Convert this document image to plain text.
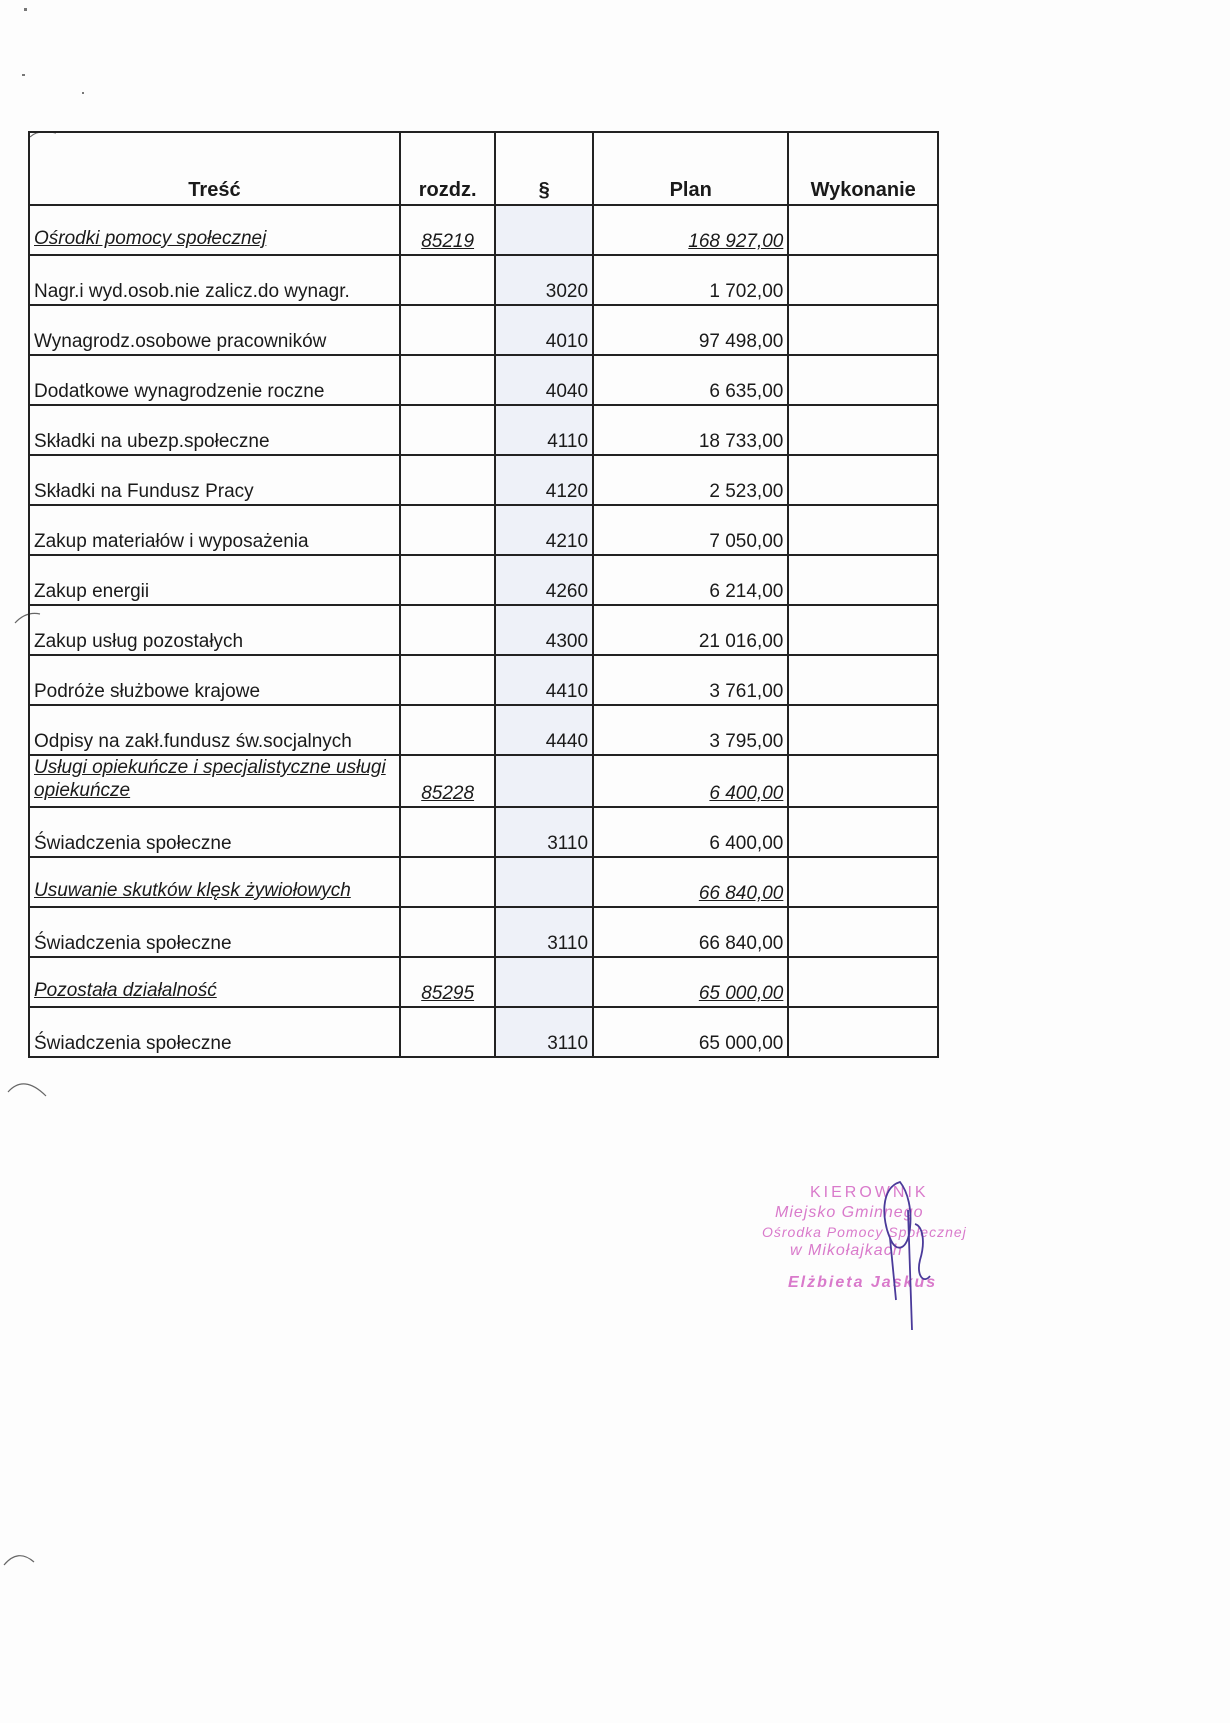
Treść	rozdz.	§	Plan	Wykonanie
Ośrodki pomocy społecznej	85219		168 927,00	
Nagr.i wyd.osob.nie zalicz.do wynagr.		3020	1 702,00	
Wynagrodz.osobowe pracowników		4010	97 498,00	
Dodatkowe wynagrodzenie roczne		4040	6 635,00	
Składki na ubezp.społeczne		4110	18 733,00	
Składki na Fundusz Pracy		4120	2 523,00	
Zakup materiałów i wyposażenia		4210	7 050,00	
Zakup energii		4260	6 214,00	
Zakup usług pozostałych		4300	21 016,00	
Podróże służbowe krajowe		4410	3 761,00	
Odpisy na zakł.fundusz św.socjalnych		4440	3 795,00	

Usługi opiekuńcze i specjalistyczne usługi opiekuńcze	85228		6 400,00	
Świadczenia społeczne		3110	6 400,00	
Usuwanie skutków klęsk żywiołowych			66 840,00	
Świadczenia społeczne		3110	66 840,00	
Pozostała działalność	85295		65 000,00	
Świadczenia społeczne		3110	65 000,00	
KIEROWNIK
Miejsko Gminnego
Ośrodka Pomocy Społecznej
w Mikołajkach
Elżbieta Jaskus
